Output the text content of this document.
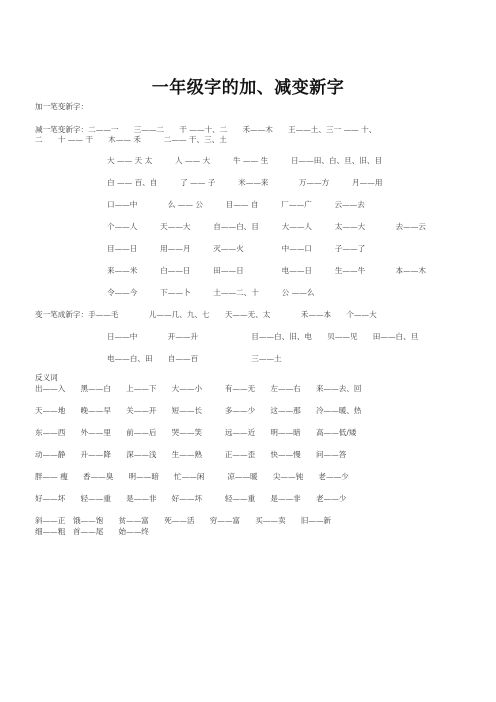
一年级字的加、减变新字
加一笔变新字：
减一笔变新字：二——一　　三——二　　干 ——十、二　　禾——木　　王——土、三一 —— 十、
二　　十 —— 干　　木—— 禾　　　二—— 干、三、土
大 —— 天 太　　　人 —— 大　　　牛 —— 生　　　日——田、白、旦、旧、目
白 —— 百、自　　　了 —— 子　　　米——来　　　　万——方　　　月——用
口——中　　　　么 —— 公　　　目—— 自　　　厂——广　　　云——去
个——人　　　天——大　　　自——白、目　　　大——人　　　太——大　　　　去——云
目——日　　　用——月　　　灭——火　　　　　中——口　　　子——了
来——米　　　白——日　　　田——日　　　　　电——日　　　生——牛　　　　本——木
令——今　　　下——卜　　　土——二、十　　　公 ——么
变一笔成新字：手——毛　　　　儿——几、九、七　　天——无、太　　　　禾——本　　个——大
日——中　　　　开——升　　　　　　　目——白、旧、电　　贝——见　　田——白、旦
电——白、田　　自——百　　　　　　　三——土
反义词
出——入　　黑——白　　上——下　　大——小　　　有——无　　左——右　　来——去、回
天——地　　晚——早　　关——开　　短——长　　　多——少　　这——那　　冷——暖、热
东——西　　外——里　　前——后　　哭——笑　　　远——近　　明——暗　　高——低/矮
动——静　　升——降　　深——浅　　生——熟　　　正——歪　　快——慢　　问——答
胖—— 瘦　　香——臭　　明——暗　　忙——闲　　　凉——暖　　尖——钝　　老——少
好——坏　　轻——重　　是——非　　好——坏　　　轻——重　　是——非　　老——少
斜——正　饿——饱　　贫——富　　死——活　　穷——富　　买——卖　　旧——新
细——粗　首——尾　　始——终
